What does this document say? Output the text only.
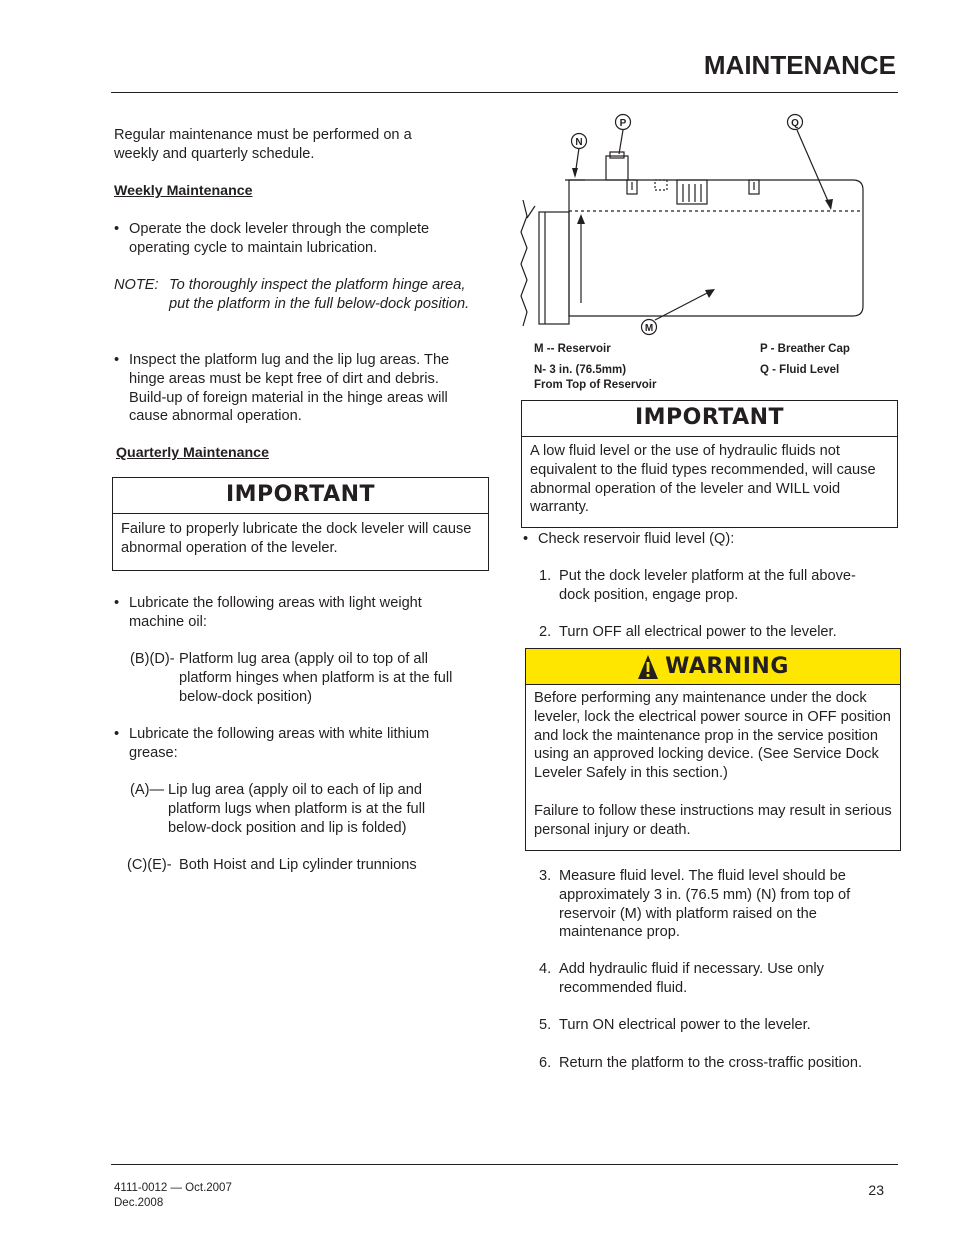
MAINTENANCE
Regular maintenance must be performed on a weekly and quarterly schedule.
Weekly Maintenance
• Operate the dock leveler through the complete operating cycle to maintain lubrication.
NOTE: To thoroughly inspect the platform hinge area, put the platform in the full below-dock position.
• Inspect the platform lug and the lip lug areas. The hinge areas must be kept free of dirt and debris. Build-up of foreign material in the hinge areas will cause abnormal operation.
Quarterly Maintenance
IMPORTANT
Failure to properly lubricate the dock leveler will cause abnormal operation of the leveler.
• Lubricate the following areas with light weight machine oil:
(B)(D)- Platform lug area (apply oil to top of all platform hinges when platform is at the full below-dock position)
• Lubricate the following areas with white lithium grease:
(A)— Lip lug area (apply oil to each of lip and platform lugs when platform is at the full below-dock position and lip is folded)
(C)(E)- Both Hoist and Lip cylinder trunnions
N
P	Q
M
M -- Reservoir
N- 3 in. (76.5mm)
From Top of Reservoir
P - Breather Cap
Q - Fluid Level
IMPORTANT
A low fluid level or the use of hydraulic fluids not equivalent to the fluid types recommended, will cause abnormal operation of the leveler and WILL void warranty.
• Check reservoir fluid level (Q):
1. Put the dock leveler platform at the full above-dock position, engage prop.
2. Turn OFF all electrical power to the leveler.
WARNING
Before performing any maintenance under the dock leveler, lock the electrical power source in OFF position and lock the maintenance prop in the service position using an approved locking device. (See Service Dock Leveler Safely in this section.)
Failure to follow these instructions may result in serious personal injury or death.
3. Measure fluid level. The fluid level should be approximately 3 in. (76.5 mm) (N) from top of reservoir (M) with platform raised on the maintenance prop.
4. Add hydraulic fluid if necessary. Use only recommended fluid.
5. Turn ON electrical power to the leveler.
6. Return the platform to the cross-traffic position.
4111-0012 — Oct.2007
Dec.2008
23
